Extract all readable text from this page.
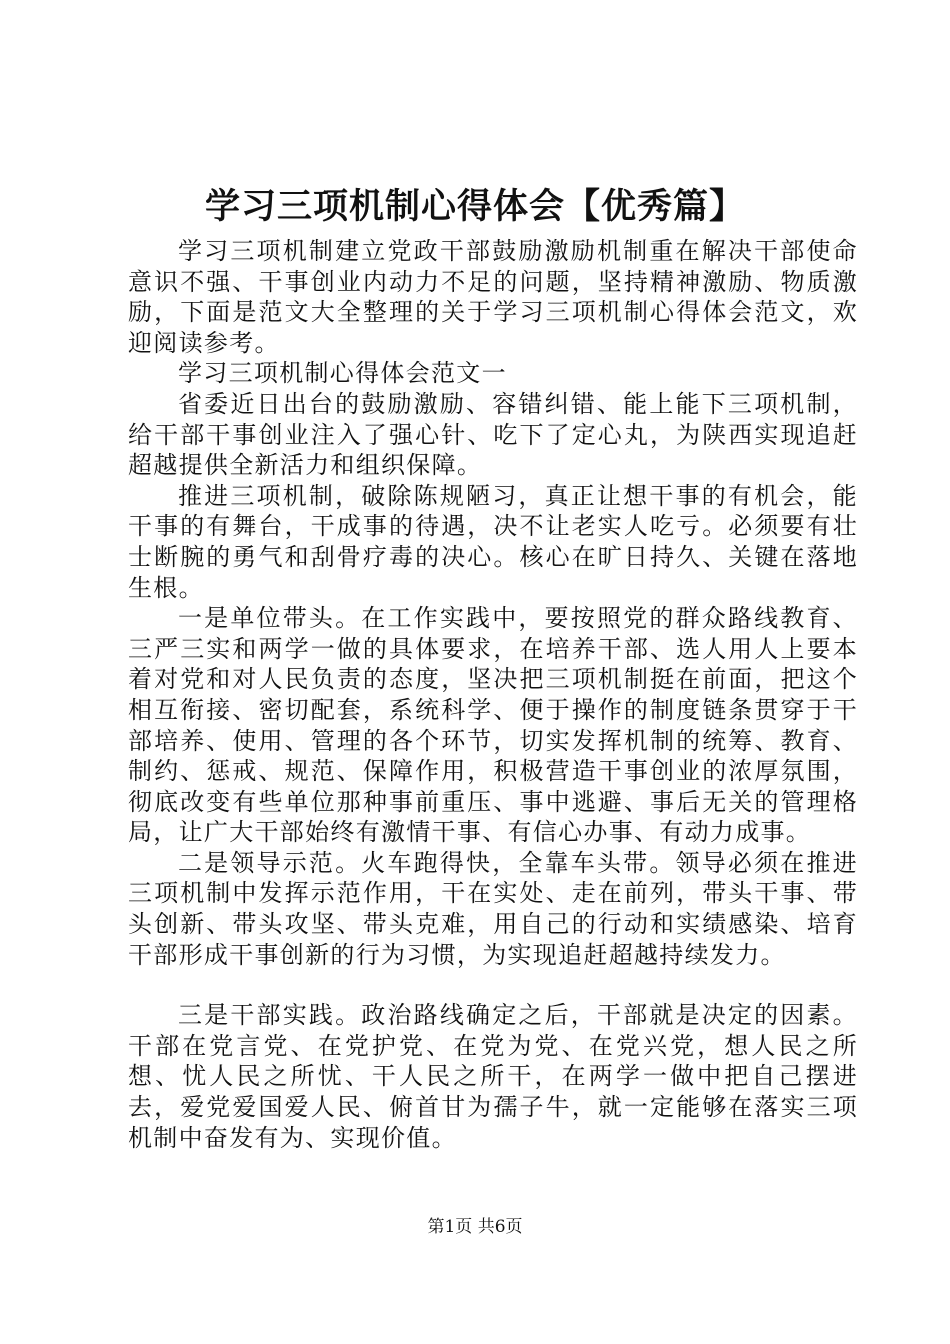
学习三项机制心得体会【优秀篇】

学习三项机制建立党政干部鼓励激励机制重在解决干部使命意识不强、干事创业内动力不足的问题，坚持精神激励、物质激励，下面是范文大全整理的关于学习三项机制心得体会范文，欢迎阅读参考。

学习三项机制心得体会范文一

省委近日出台的鼓励激励、容错纠错、能上能下三项机制，给干部干事创业注入了强心针、吃下了定心丸，为陕西实现追赶超越提供全新活力和组织保障。

推进三项机制，破除陈规陋习，真正让想干事的有机会，能干事的有舞台，干成事的待遇，决不让老实人吃亏。必须要有壮士断腕的勇气和刮骨疗毒的决心。核心在旷日持久、关键在落地生根。

一是单位带头。在工作实践中，要按照党的群众路线教育、三严三实和两学一做的具体要求，在培养干部、选人用人上要本着对党和对人民负责的态度，坚决把三项机制挺在前面，把这个相互衔接、密切配套，系统科学、便于操作的制度链条贯穿于干部培养、使用、管理的各个环节，切实发挥机制的统筹、教育、制约、惩戒、规范、保障作用，积极营造干事创业的浓厚氛围，彻底改变有些单位那种事前重压、事中逃避、事后无关的管理格局，让广大干部始终有激情干事、有信心办事、有动力成事。

二是领导示范。火车跑得快，全靠车头带。领导必须在推进三项机制中发挥示范作用，干在实处、走在前列，带头干事、带头创新、带头攻坚、带头克难，用自己的行动和实绩感染、培育干部形成干事创新的行为习惯，为实现追赶超越持续发力。

三是干部实践。政治路线确定之后，干部就是决定的因素。干部在党言党、在党护党、在党为党、在党兴党，想人民之所想、忧人民之所忧、干人民之所干，在两学一做中把自己摆进去，爱党爱国爱人民、俯首甘为孺子牛，就一定能够在落实三项机制中奋发有为、实现价值。

第1页 共6页
